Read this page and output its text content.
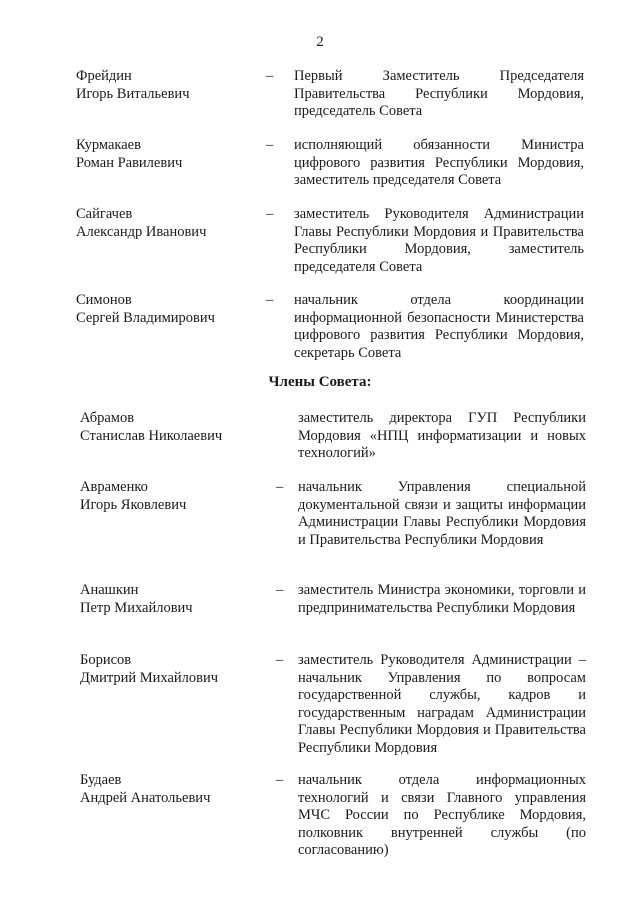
2
Фрейдин
Игорь Витальевич
– Первый Заместитель Председателя Правительства Республики Мордовия, председатель Совета
Курмакаев
Роман Равилевич
– исполняющий обязанности Министра цифрового развития Республики Мордовия, заместитель председателя Совета
Сайгачев
Александр Иванович
– заместитель Руководителя Администрации Главы Республики Мордовия и Правительства Республики Мордовия, заместитель председателя Совета
Симонов
Сергей Владимирович
– начальник отдела координации информационной безопасности Министерства цифрового развития Республики Мордовия, секретарь Совета
Члены Совета:
Абрамов
Станислав Николаевич
заместитель директора ГУП Республики Мордовия «НПЦ информатизации и новых технологий»
Авраменко
Игорь Яковлевич
– начальник Управления специальной документальной связи и защиты информации Администрации Главы Республики Мордовия и Правительства Республики Мордовия
Анашкин
Петр Михайлович
– заместитель Министра экономики, торговли и предпринимательства Республики Мордовия
Борисов
Дмитрий Михайлович
– заместитель Руководителя Администрации – начальник Управления по вопросам государственной службы, кадров и государственным наградам Администрации Главы Республики Мордовия и Правительства Республики Мордовия
Будаев
Андрей Анатольевич
– начальник отдела информационных технологий и связи Главного управления МЧС России по Республике Мордовия, полковник внутренней службы (по согласованию)
